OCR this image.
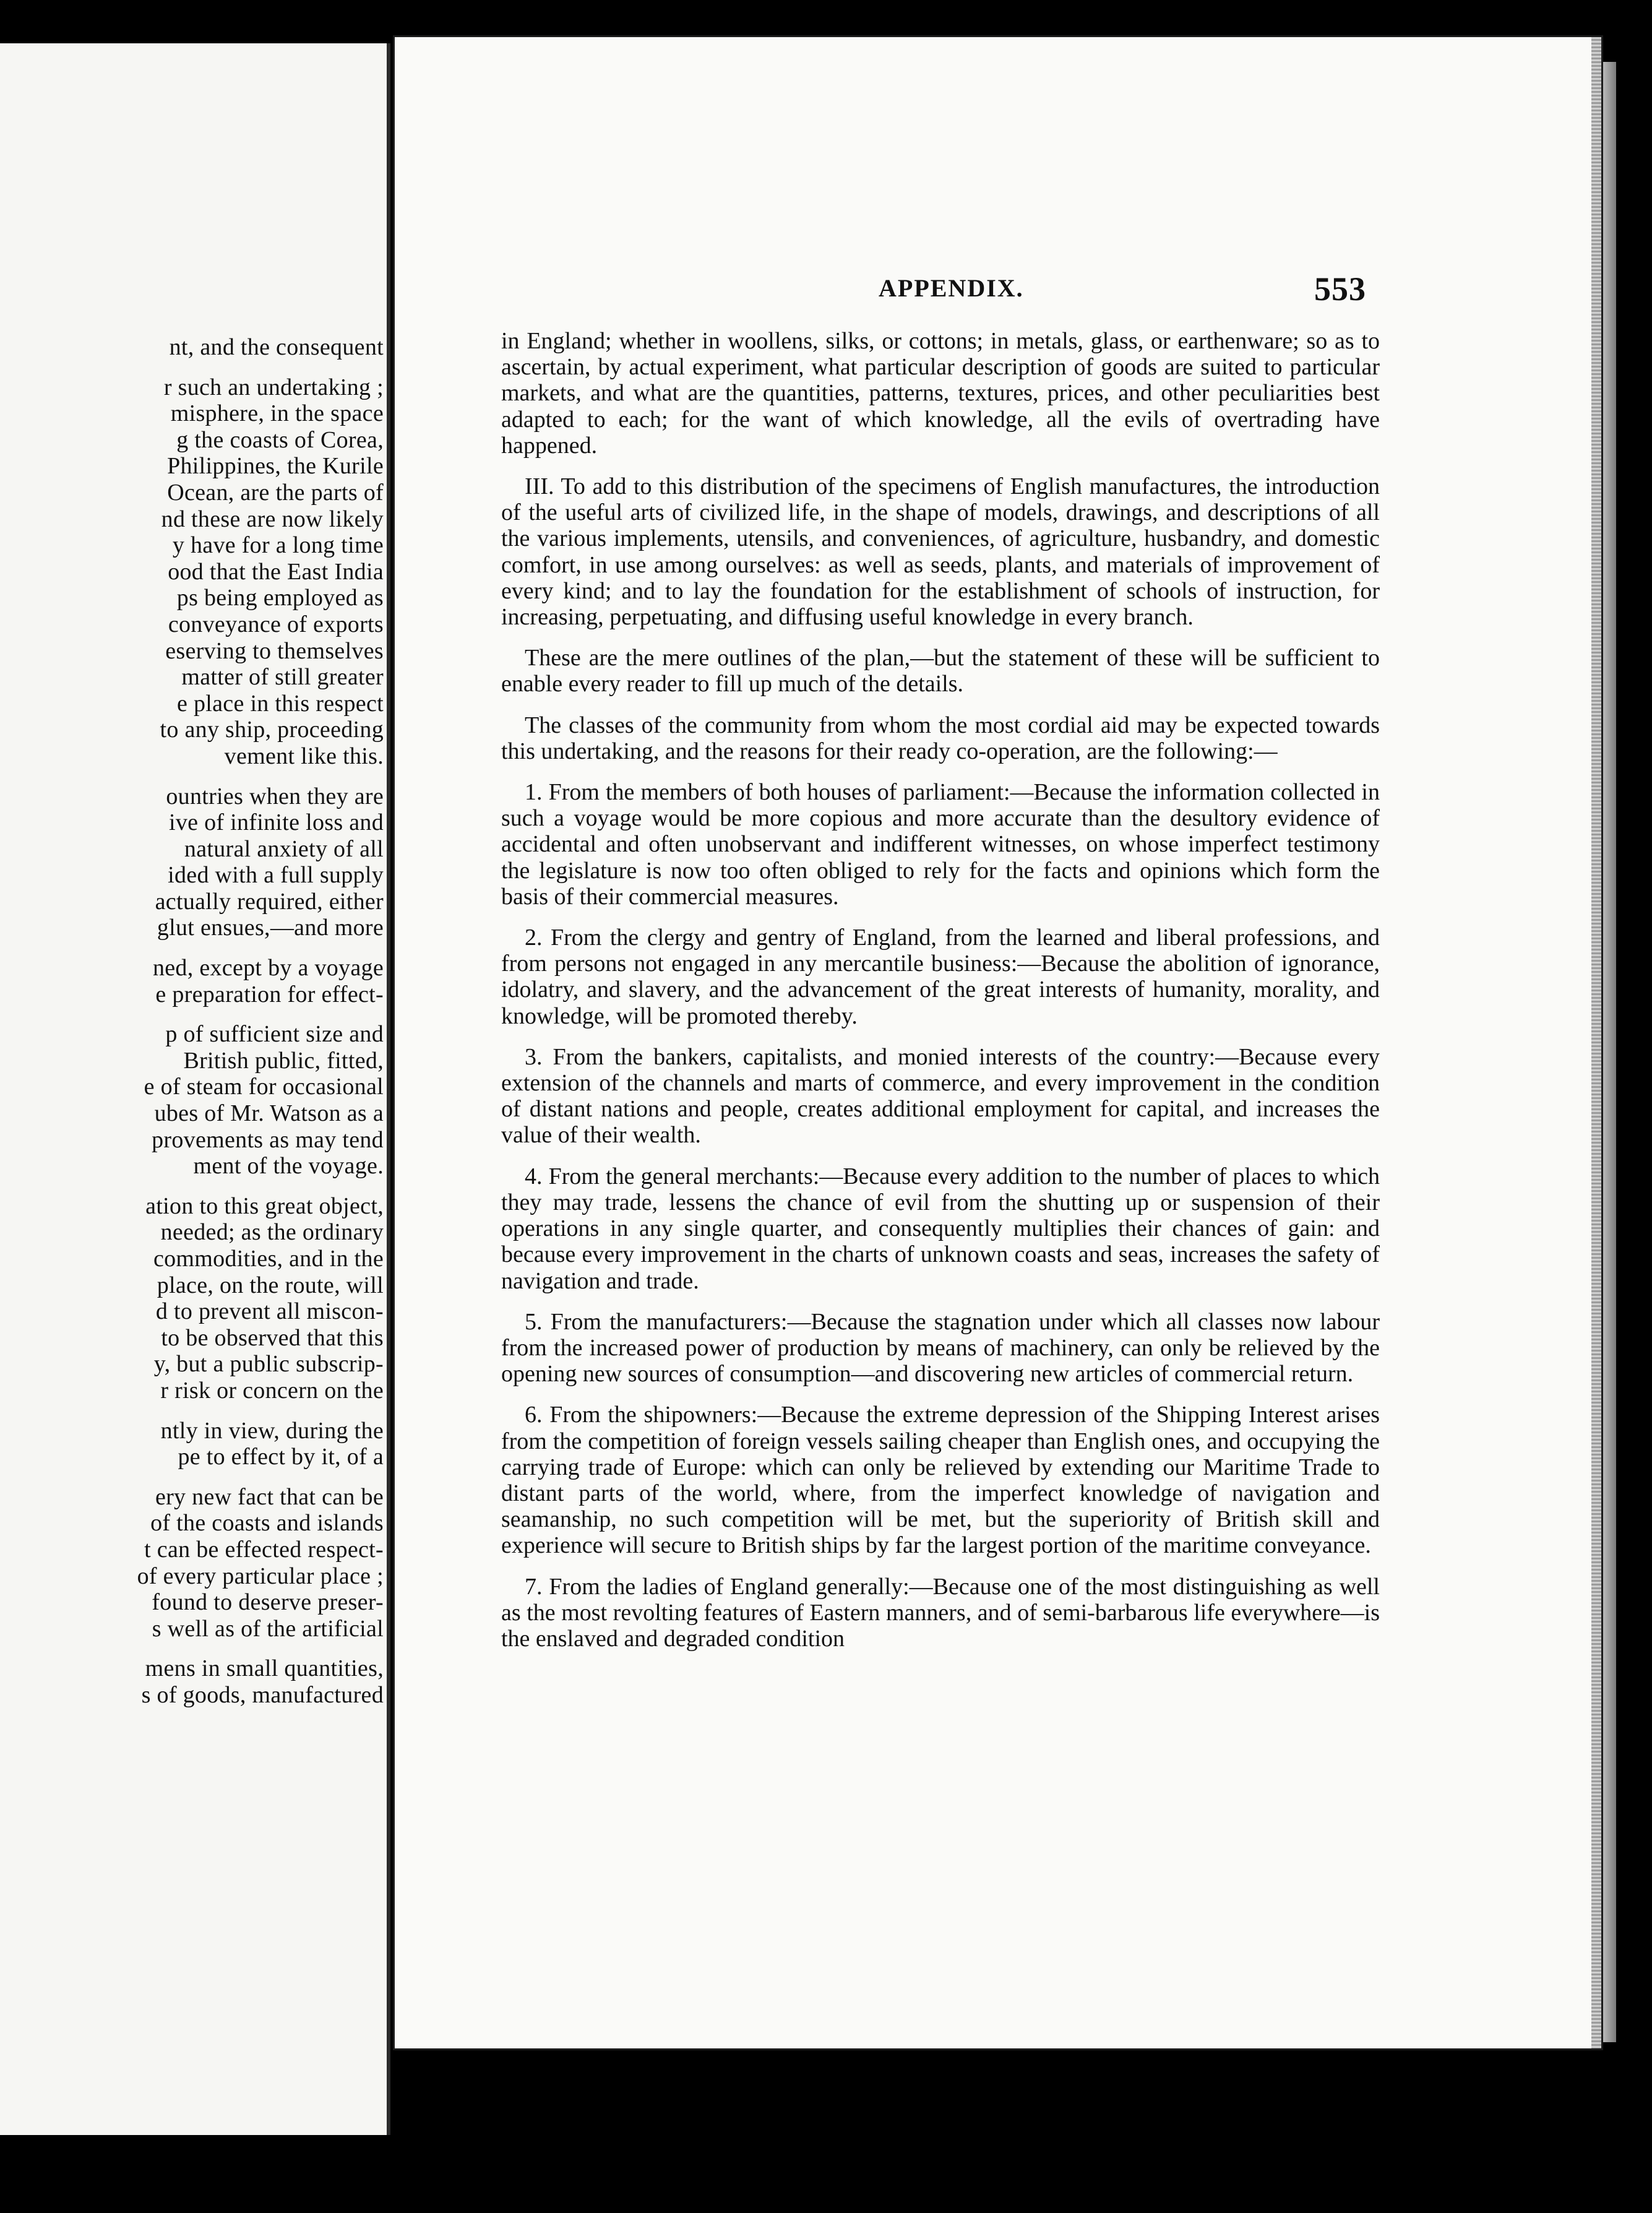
nt, and the consequent
r such an undertaking ;
misphere, in the space
g the coasts of Corea,
Philippines, the Kurile
Ocean, are the parts of
nd these are now likely
y have for a long time
ood that the East India
ps being employed as
conveyance of exports
eserving to themselves
matter of still greater
e place in this respect
to any ship, proceeding
vement like this.
ountries when they are
ive of infinite loss and
natural anxiety of all
ided with a full supply
actually required, either
glut ensues,—and more
ned, except by a voyage
e preparation for effect-
p of sufficient size and
British public, fitted,
e of steam for occasional
ubes of Mr. Watson as a
provements as may tend
ment of the voyage.
ation to this great object,
needed; as the ordinary
commodities, and in the
place, on the route, will
d to prevent all miscon-
to be observed that this
y, but a public subscrip-
r risk or concern on the
ntly in view, during the
pe to effect by it, of a
ery new fact that can be
of the coasts and islands
t can be effected respect-
of every particular place ;
found to deserve preser-
s well as of the artificial
mens in small quantities,
s of goods, manufactured
APPENDIX.	553

in England; whether in woollens, silks, or cottons; in metals, glass, or earthenware; so as to ascertain, by actual experiment, what particular description of goods are suited to particular markets, and what are the quantities, patterns, textures, prices, and other peculiarities best adapted to each; for the want of which knowledge, all the evils of overtrading have happened.

III. To add to this distribution of the specimens of English manufactures, the introduction of the useful arts of civilized life, in the shape of models, drawings, and descriptions of all the various implements, utensils, and conveniences, of agriculture, husbandry, and domestic comfort, in use among ourselves: as well as seeds, plants, and materials of improvement of every kind; and to lay the foundation for the establishment of schools of instruction, for increasing, perpetuating, and diffusing useful knowledge in every branch.

These are the mere outlines of the plan,—but the statement of these will be sufficient to enable every reader to fill up much of the details.

The classes of the community from whom the most cordial aid may be expected towards this undertaking, and the reasons for their ready co-operation, are the following:—

1. From the members of both houses of parliament:—Because the information collected in such a voyage would be more copious and more accurate than the desultory evidence of accidental and often unobservant and indifferent witnesses, on whose imperfect testimony the legislature is now too often obliged to rely for the facts and opinions which form the basis of their commercial measures.

2. From the clergy and gentry of England, from the learned and liberal professions, and from persons not engaged in any mercantile business:—Because the abolition of ignorance, idolatry, and slavery, and the advancement of the great interests of humanity, morality, and knowledge, will be promoted thereby.

3. From the bankers, capitalists, and monied interests of the country:—Because every extension of the channels and marts of commerce, and every improvement in the condition of distant nations and people, creates additional employment for capital, and increases the value of their wealth.

4. From the general merchants:—Because every addition to the number of places to which they may trade, lessens the chance of evil from the shutting up or suspension of their operations in any single quarter, and consequently multiplies their chances of gain: and because every improvement in the charts of unknown coasts and seas, increases the safety of navigation and trade.

5. From the manufacturers:—Because the stagnation under which all classes now labour from the increased power of production by means of machinery, can only be relieved by the opening new sources of consumption—and discovering new articles of commercial return.

6. From the shipowners:—Because the extreme depression of the Shipping Interest arises from the competition of foreign vessels sailing cheaper than English ones, and occupying the carrying trade of Europe: which can only be relieved by extending our Maritime Trade to distant parts of the world, where, from the imperfect knowledge of navigation and seamanship, no such competition will be met, but the superiority of British skill and experience will secure to British ships by far the largest portion of the maritime conveyance.

7. From the ladies of England generally:—Because one of the most distinguishing as well as the most revolting features of Eastern manners, and of semi-barbarous life everywhere—is the enslaved and degraded condition
